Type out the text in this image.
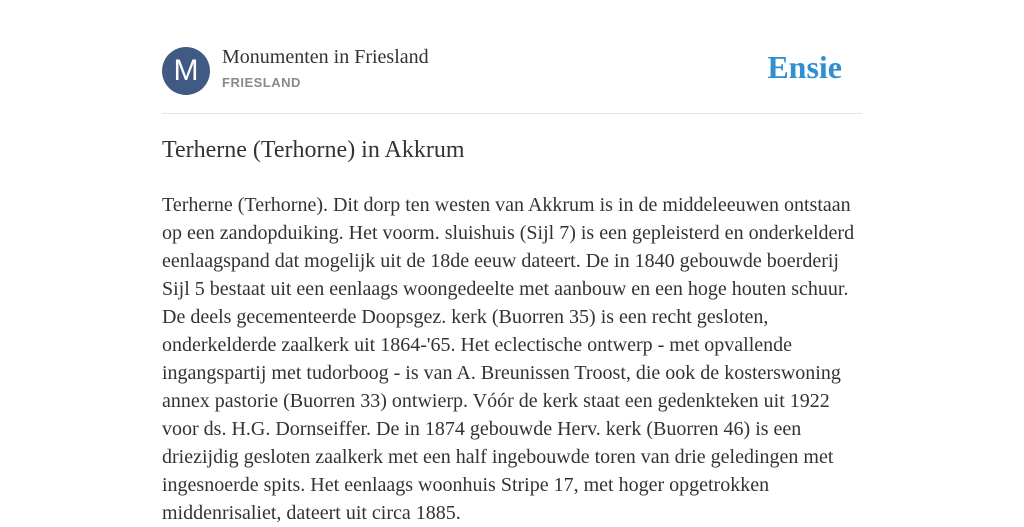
M	Monumenten in Friesland
FRIESLAND	Ensie
Terherne (Terhorne) in Akkrum

Terherne (Terhorne). Dit dorp ten westen van Akkrum is in de middeleeuwen ontstaan op een zandopduiking. Het voorm. sluishuis (Sijl 7) is een gepleisterd en onderkelderd eenlaagspand dat mogelijk uit de 18de eeuw dateert. De in 1840 gebouwde boerderij Sijl 5 bestaat uit een eenlaags woongedeelte met aanbouw en een hoge houten schuur. De deels gecementeerde Doopsgez. kerk (Buorren 35) is een recht gesloten, onderkelderde zaalkerk uit 1864-'65. Het eclectische ontwerp - met opvallende ingangspartij met tudorboog - is van A. Breunissen Troost, die ook de kosterswoning annex pastorie (Buorren 33) ontwierp. Vóór de kerk staat een gedenkteken uit 1922 voor ds. H.G. Dornseiffer. De in 1874 gebouwde Herv. kerk (Buorren 46) is een driezijdig gesloten zaalkerk met een half ingebouwde toren van drie geledingen met ingesnoerde spits. Het eenlaags woonhuis Stripe 17, met hoger opgetrokken middenrisaliet, dateert uit circa 1885.
